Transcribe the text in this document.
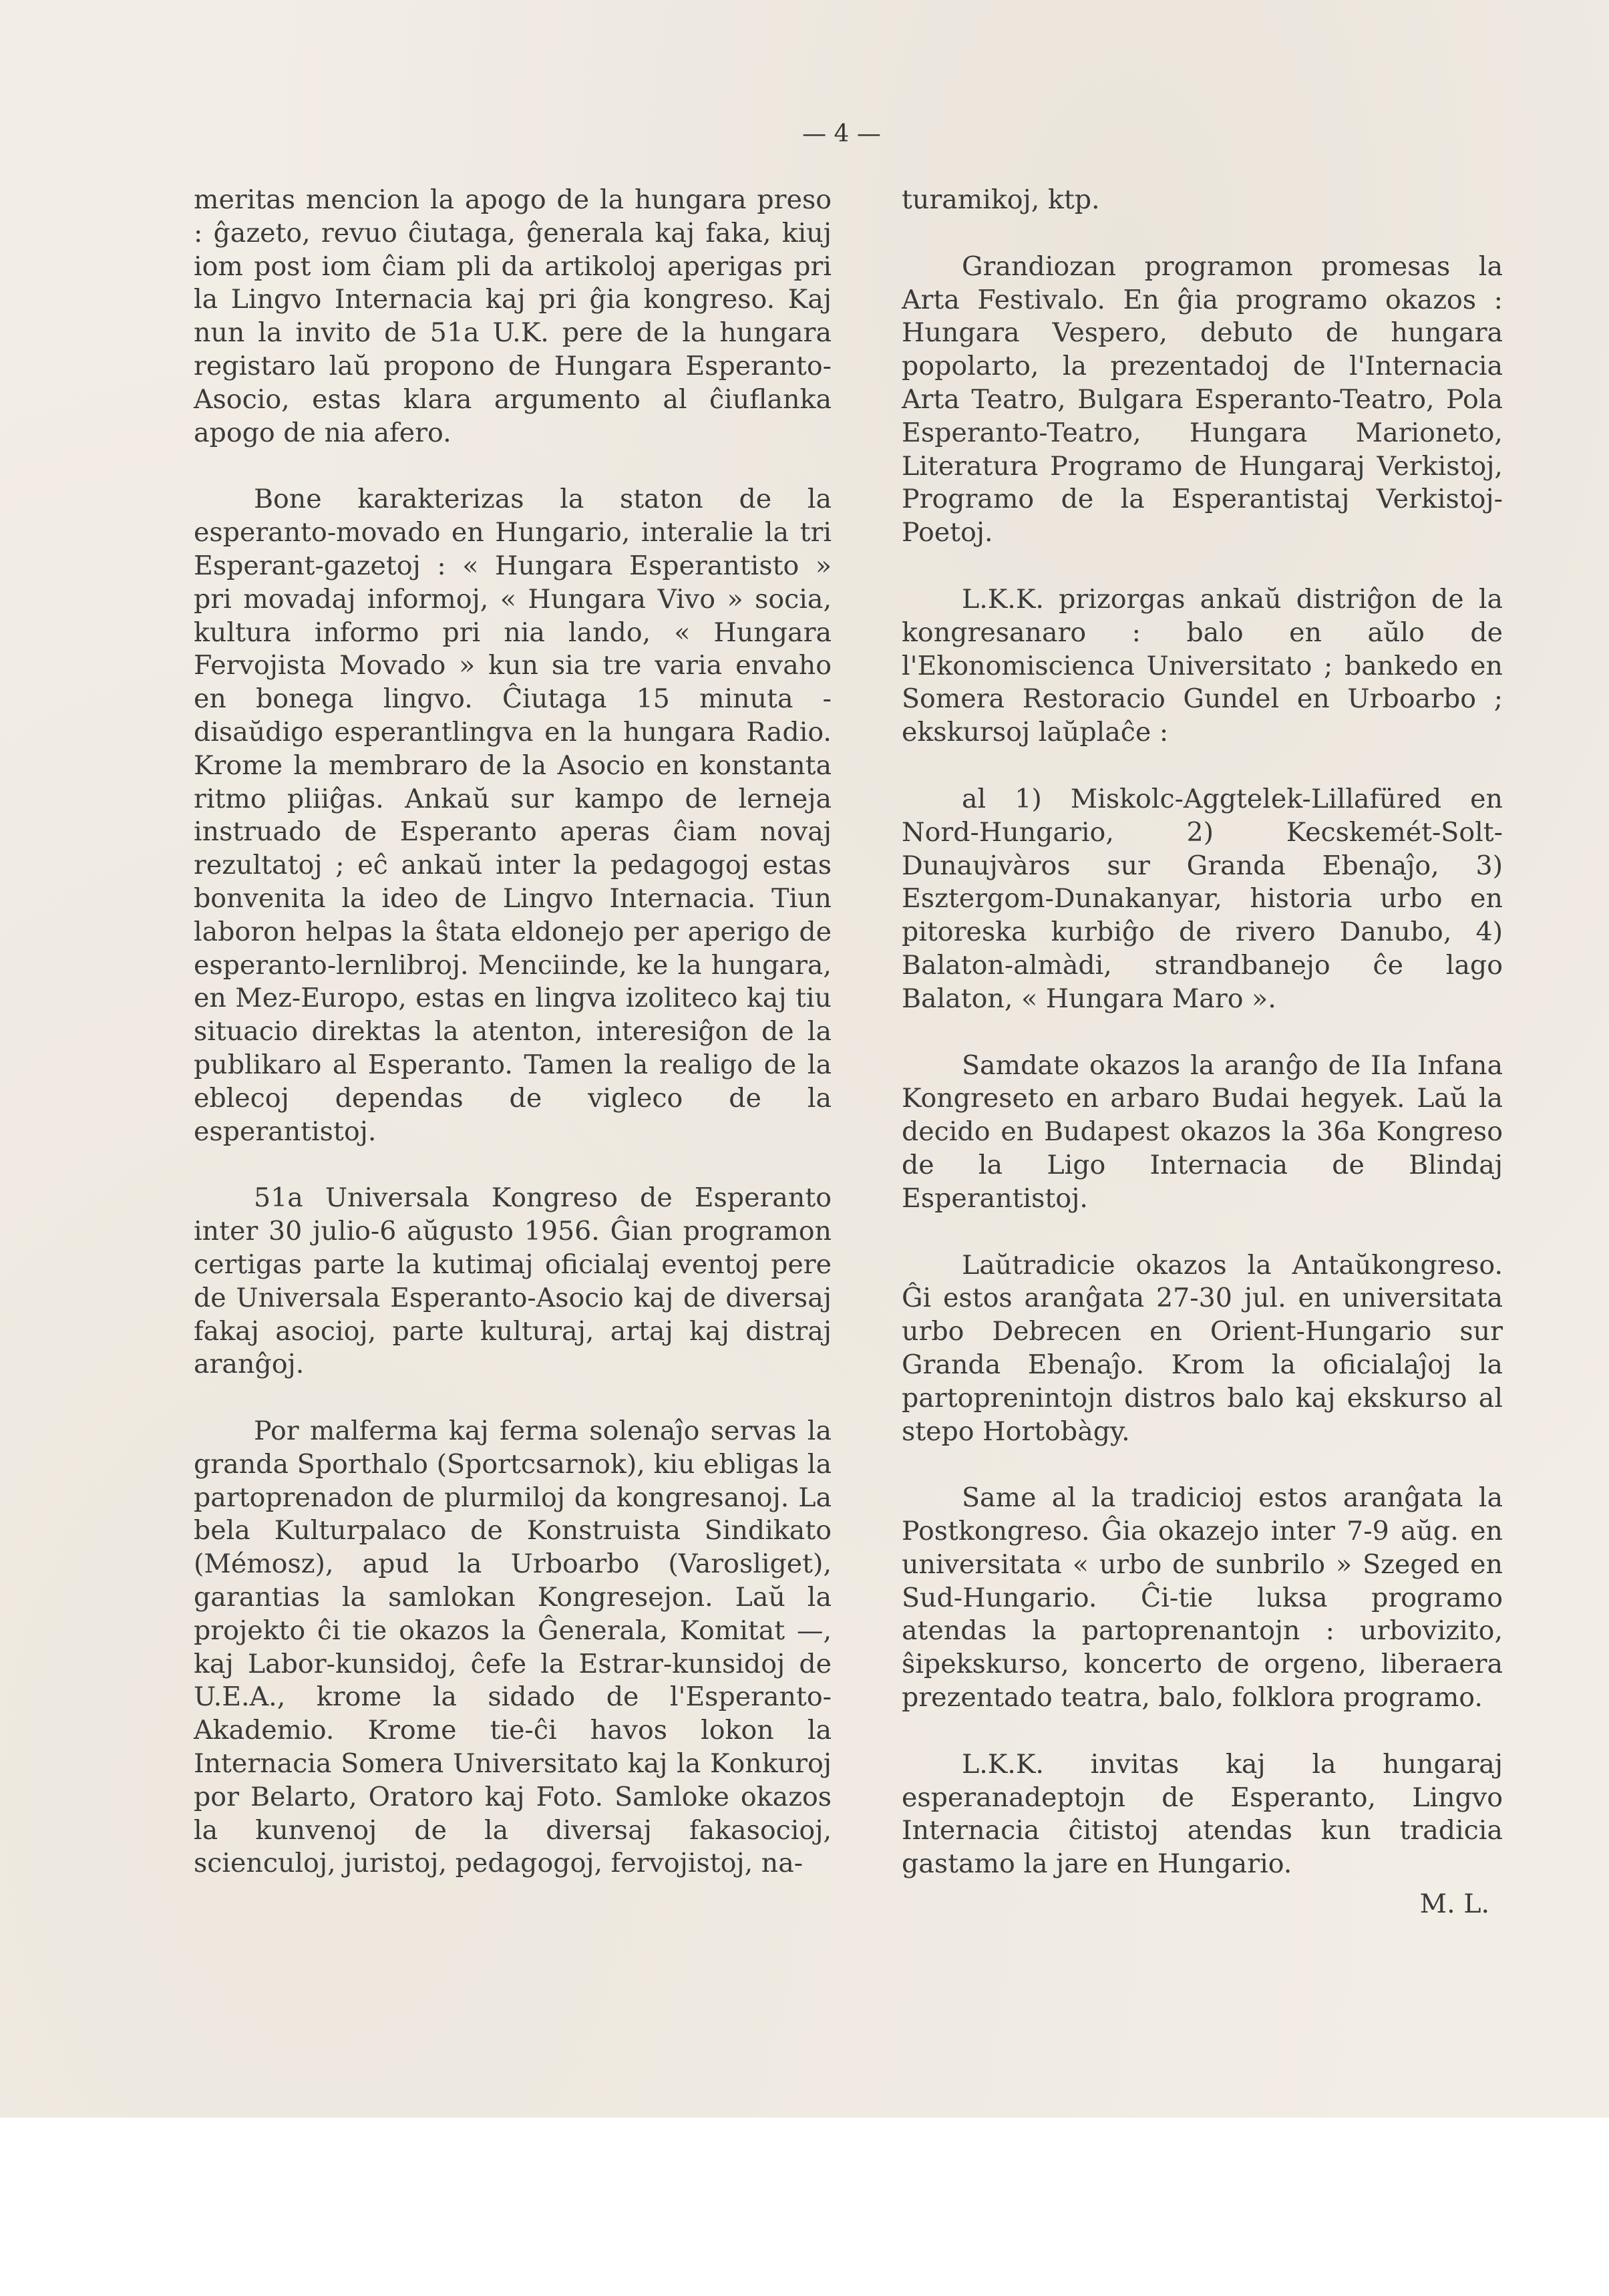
— 4 —

meritas mencion la apogo de la hungara preso : ĝazeto, revuo ĉiutaga, ĝenerala kaj faka, kiuj iom post iom ĉiam pli da artikoloj aperigas pri la Lingvo Internacia kaj pri ĝia kongreso. Kaj nun la invito de 51a U.K. pere de la hungara registaro laŭ propono de Hungara Esperanto-Asocio, estas klara argumento al ĉiuflanka apogo de nia afero.

Bone karakterizas la staton de la esperanto-movado en Hungario, interalie la tri Esperant-gazetoj : « Hungara Esperantisto » pri movadaj informoj, « Hungara Vivo » socia, kultura informo pri nia lando, « Hungara Fervojista Movado » kun sia tre varia envaho en bonega lingvo. Ĉiutaga 15 minuta - disaŭdigo esperantlingva en la hungara Radio. Krome la membraro de la Asocio en konstanta ritmo pliiĝas. Ankaŭ sur kampo de lerneja instruado de Esperanto aperas ĉiam novaj rezultatoj ; eĉ ankaŭ inter la pedagogoj estas bonvenita la ideo de Lingvo Internacia. Tiun laboron helpas la ŝtata eldonejo per aperigo de esperanto-lernlibroj. Menciinde, ke la hungara, en Mez-Europo, estas en lingva izoliteco kaj tiu situacio direktas la atenton, interesiĝon de la publikaro al Esperanto. Tamen la realigo de la eblecoj dependas de vigleco de la esperantistoj.

51a Universala Kongreso de Esperanto inter 30 julio-6 aŭgusto 1956. Ĝian programon certigas parte la kutimaj oficialaj eventoj pere de Universala Esperanto-Asocio kaj de diversaj fakaj asocioj, parte kulturaj, artaj kaj distraj aranĝoj.

Por malferma kaj ferma solenaĵo servas la granda Sporthalo (Sportcsarnok), kiu ebligas la partoprenadon de plurmiloj da kongresanoj. La bela Kulturpalaco de Konstruista Sindikato (Mémosz), apud la Urboarbo (Varosliget), garantias la samlokan Kongresejon. Laŭ la projekto ĉi tie okazos la Ĝenerala, Komitat —, kaj Labor-kunsidoj, ĉefe la Estrar-kunsidoj de U.E.A., krome la sidado de l'Esperanto-Akademio. Krome tie-ĉi havos lokon la Internacia Somera Universitato kaj la Konkuroj por Belarto, Oratoro kaj Foto. Samloke okazos la kunvenoj de la diversaj fakasocioj, scienculoj, juristoj, pedagogoj, fervojistoj, na-

turamikoj, ktp.

Grandiozan programon promesas la Arta Festivalo. En ĝia programo okazos : Hungara Vespero, debuto de hungara popolarto, la prezentadoj de l'Internacia Arta Teatro, Bulgara Esperanto-Teatro, Pola Esperanto-Teatro, Hungara Marioneto, Literatura Programo de Hungaraj Verkistoj, Programo de la Esperantistaj Verkistoj-Poetoj.

L.K.K. prizorgas ankaŭ distriĝon de la kongresanaro : balo en aŭlo de l'Ekonomiscienca Universitato ; bankedo en Somera Restoracio Gundel en Urboarbo ; ekskursoj laŭplaĉe :

al 1) Miskolc-Aggtelek-Lillafüred en Nord-Hungario, 2) Kecskemét-Solt-Dunaujvàros sur Granda Ebenaĵo, 3) Esztergom-Dunakanyar, historia urbo en pitoreska kurbiĝo de rivero Danubo, 4) Balaton-almàdi, strandbanejo ĉe lago Balaton, « Hungara Maro ».

Samdate okazos la aranĝo de IIa Infana Kongreseto en arbaro Budai hegyek. Laŭ la decido en Budapest okazos la 36a Kongreso de la Ligo Internacia de Blindaj Esperantistoj.

Laŭtradicie okazos la Antaŭkongreso. Ĝi estos aranĝata 27-30 jul. en universitata urbo Debrecen en Orient-Hungario sur Granda Ebenaĵo. Krom la oficialaĵoj la partoprenintojn distros balo kaj ekskurso al stepo Hortobàgy.

Same al la tradicioj estos aranĝata la Postkongreso. Ĝia okazejo inter 7-9 aŭg. en universitata « urbo de sunbrilo » Szeged en Sud-Hungario. Ĉi-tie luksa programo atendas la partoprenantojn : urbovizito, ŝipekskurso, koncerto de orgeno, liberaera prezentado teatra, balo, folklora programo.

L.K.K. invitas kaj la hungaraj esperanadeptojn de Esperanto, Lingvo Internacia ĉitistoj atendas kun tradicia gastamo la jare en Hungario.

M. L.
